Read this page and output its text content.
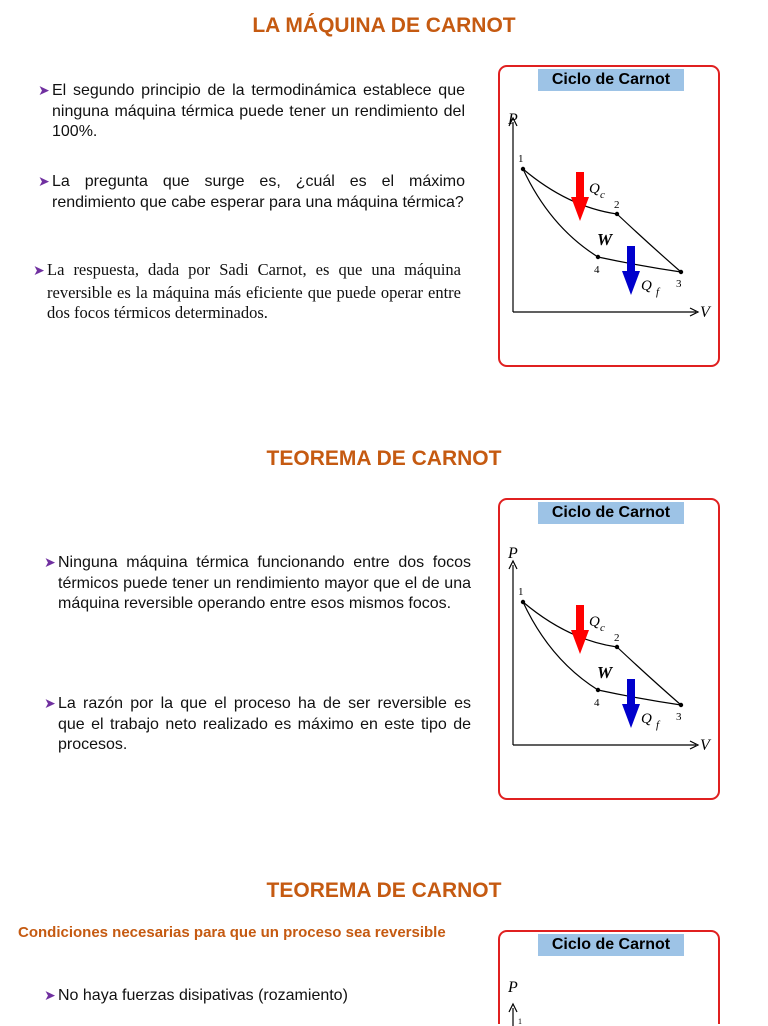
LA MÁQUINA DE CARNOT
➤ El segundo principio de la termodinámica establece que ninguna máquina térmica puede tener un rendimiento del 100%.
➤ La pregunta que surge es, ¿cuál es el máximo rendimiento que cabe esperar para una máquina térmica?
➤ La respuesta, dada por Sadi Carnot, es que una máquina reversible es la máquina más eficiente que puede operar entre dos focos térmicos determinados.
Ciclo de Carnot
P
V
1
2
3
4
Q c
Q f
W
TEOREMA DE CARNOT
➤ Ninguna máquina térmica funcionando entre dos focos térmicos puede tener un rendimiento mayor que el de una máquina reversible operando entre esos mismos focos.
➤ La razón por la que el proceso ha de ser reversible es que el trabajo neto realizado es máximo en este tipo de procesos.
Ciclo de Carnot
P
V
1
2
3
4
Q c
Q f
W
TEOREMA DE CARNOT
Condiciones necesarias para que un proceso sea reversible
➤ No haya fuerzas disipativas (rozamiento)
Ciclo de Carnot
P
1
